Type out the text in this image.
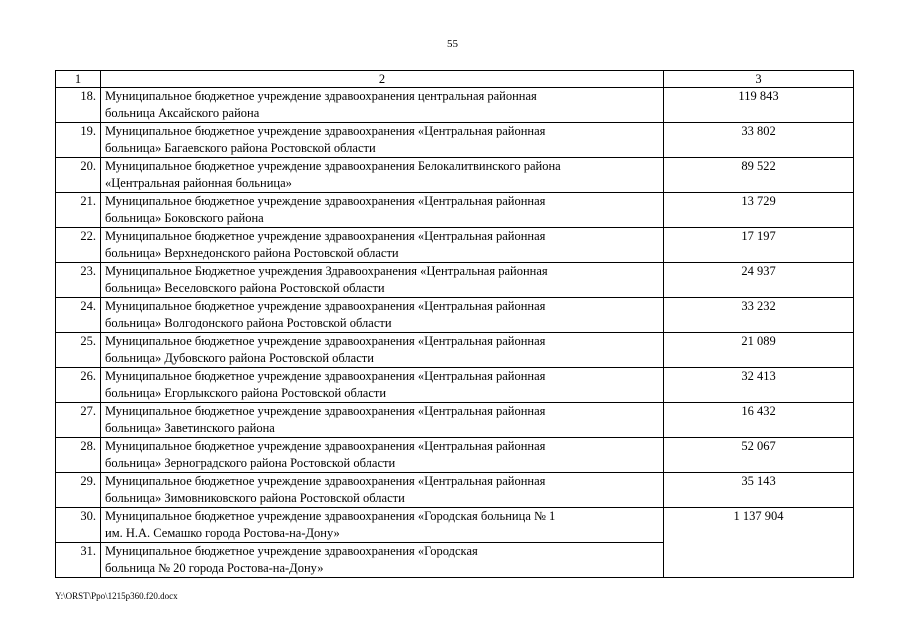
55
1	2	3
18.	Муниципальное бюджетное учреждение здравоохранения центральная районная
больница Аксайского района	119 843
19.	Муниципальное бюджетное учреждение здравоохранения «Центральная районная
больница» Багаевского района Ростовской области	33 802
20.	Муниципальное бюджетное учреждение здравоохранения Белокалитвинского района
«Центральная районная больница»	89 522
21.	Муниципальное бюджетное учреждение здравоохранения «Центральная районная
больница» Боковского района	13 729
22.	Муниципальное бюджетное учреждение здравоохранения «Центральная районная
больница» Верхнедонского района Ростовской области	17 197
23.	Муниципальное Бюджетное учреждения Здравоохранения «Центральная районная
больница» Веселовского района Ростовской области	24 937
24.	Муниципальное бюджетное учреждение здравоохранения «Центральная районная
больница» Волгодонского района Ростовской области	33 232
25.	Муниципальное бюджетное учреждение здравоохранения «Центральная районная
больница» Дубовского района Ростовской области	21 089
26.	Муниципальное бюджетное учреждение здравоохранения «Центральная районная
больница» Егорлыкского района Ростовской области	32 413
27.	Муниципальное бюджетное учреждение здравоохранения «Центральная районная
больница» Заветинского района	16 432
28.	Муниципальное бюджетное учреждение здравоохранения «Центральная районная
больница» Зерноградского района Ростовской области	52 067
29.	Муниципальное бюджетное учреждение здравоохранения «Центральная районная
больница» Зимовниковского района Ростовской области	35 143
30.	Муниципальное бюджетное учреждение здравоохранения «Городская больница № 1
им. Н.А. Семашко города Ростова-на-Дону»	1 137 904
31.	Муниципальное бюджетное учреждение здравоохранения «Городская
больница № 20 города Ростова-на-Дону»	
Y:\ORST\Ppo\1215p360.f20.docx
